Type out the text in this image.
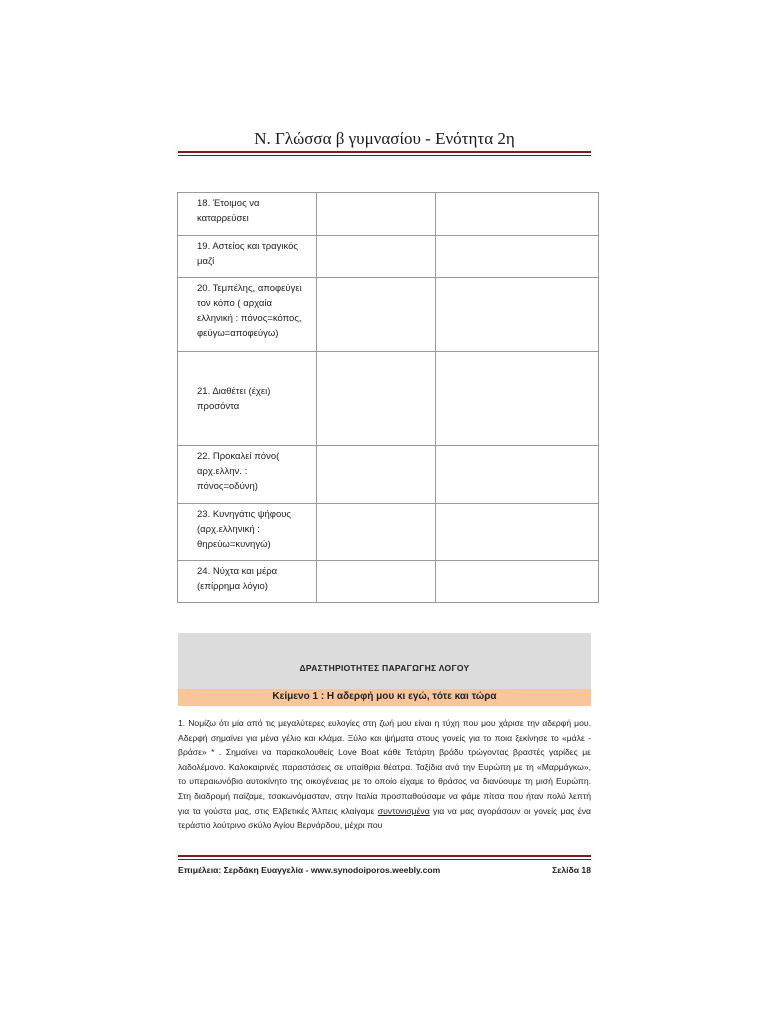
Ν. Γλώσσα β γυμνασίου - Ενότητα 2η
18. Έτοιμος να
καταρρεύσει		

19. Αστείος και τραγικός
μαζί		

20. Τεμπέλης, αποφεύγει
τον κόπο ( αρχαία
ελληνική : πόνος=κόπος,
φεύγω=αποφεύγω)		

21. Διαθέτει (έχει)
προσόντα		

22. Προκαλεί πόνο(
αρχ.ελλην. :
πόνος=οδύνη)		

23. Κυνηγάτις ψήφους
(αρχ.ελληνική :
θηρεύω=κυνηγώ)		

24. Νύχτα και μέρα
(επίρρημα λόγιο)		

ΔΡΑΣΤΗΡΙΟΤΗΤΕΣ ΠΑΡΑΓΩΓΗΣ ΛΟΓΟΥ
Κείμενο 1 : Η αδερφή μου κι εγώ, τότε και τώρα

1. Νομίζω ότι μία από τις μεγαλύτερες ευλογίες στη ζωή μου είναι η τύχη που μου χάρισε την αδερφή μου. Αδερφή σημαίνει για μένα γέλιο και κλάμα. Ξύλο και ψήματα στους γονείς για το ποια ξεκίνησε το «μάλε - βράσε» * . Σημαίνει να παρακολουθείς Love Boat κάθε Τετάρτη βράδυ τρώγοντας βραστές γαρίδες με λαδολέμονο. Καλοκαιρινές παραστάσεις σε υπαίθρια θέατρα. Ταξίδια ανά την Ευρώπη με τη «Μαρμάγκω», το υπεραιωνόβιο αυτοκίνητο της οικογένειας με το οποίο είχαμε το θράσος να διανύουμε τη μισή Ευρώπη. Στη διαδρομή παίζαμε, τσακωνόμασταν, στην Ιταλία προσπαθούσαμε να φάμε πίτσα που ήταν πολύ λεπτή για τα γούστα μας, στις Ελβετικές Άλπεις κλαίγαμε συντονισμένα για να μας αγοράσουν οι γονείς μας ένα τεράστιο λούτρινο σκύλο Αγίου Βερνάρδου, μέχρι που

Επιμέλεια: Σερδάκη Ευαγγελία - www.synodoiporos.weebly.com	Σελίδα 18
